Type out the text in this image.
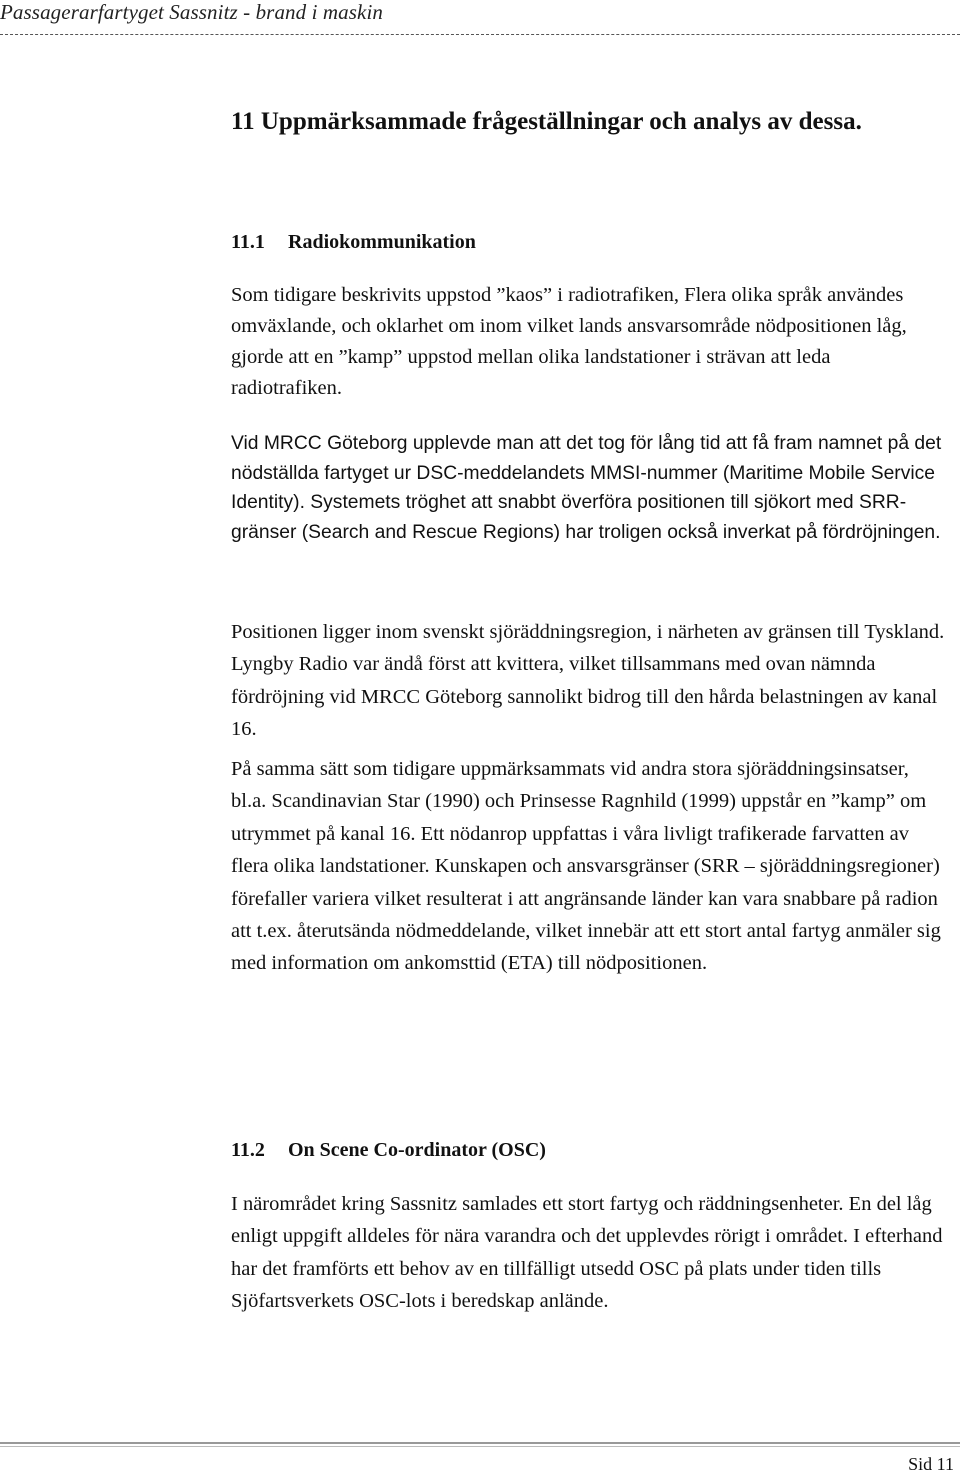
Passagerarfartyget Sassnitz - brand i maskin
11 Uppmärksammade frågeställningar och analys av dessa.
11.1 Radiokommunikation

Som tidigare beskrivits uppstod ”kaos” i radiotrafiken, Flera olika språk användes omväxlande, och oklarhet om inom vilket lands ansvarsområde nödpositionen låg, gjorde att en ”kamp” uppstod mellan olika landstationer i strävan att leda radiotrafiken.

Vid MRCC Göteborg upplevde man att det tog för lång tid att få fram namnet på det nödställda fartyget ur DSC-meddelandets MMSI-nummer (Maritime Mobile Service Identity). Systemets tröghet att snabbt överföra positionen till sjökort med SRR-gränser (Search and Rescue Regions) har troligen också inverkat på fördröjningen.

Positionen ligger inom svenskt sjöräddningsregion, i närheten av gränsen till Tyskland. Lyngby Radio var ändå först att kvittera, vilket tillsammans med ovan nämnda fördröjning vid MRCC Göteborg sannolikt bidrog till den hårda belastningen av kanal 16.

På samma sätt som tidigare uppmärksammats vid andra stora sjöräddningsinsatser, bl.a. Scandinavian Star (1990) och Prinsesse Ragnhild (1999) uppstår en ”kamp” om utrymmet på kanal 16. Ett nödanrop uppfattas i våra livligt trafikerade farvatten av flera olika landstationer. Kunskapen och ansvarsgränser (SRR – sjöräddningsregioner) förefaller variera vilket resulterat i att angränsande länder kan vara snabbare på radion att t.ex. återutsända nödmeddelande, vilket innebär att ett stort antal fartyg anmäler sig med information om ankomsttid (ETA) till nödpositionen.

11.2 On Scene Co-ordinator (OSC)

I närområdet kring Sassnitz samlades ett stort fartyg och räddningsenheter. En del låg enligt uppgift alldeles för nära varandra och det upplevdes rörigt i området. I efterhand har det framförts ett behov av en tillfälligt utsedd OSC på plats under tiden tills Sjöfartsverkets OSC-lots i beredskap anlände.

Sid 11
